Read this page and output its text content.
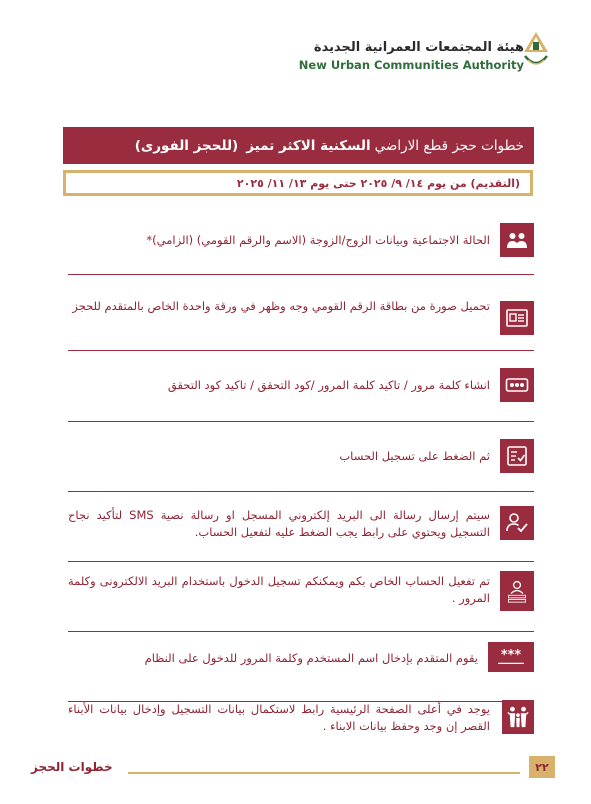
هيئة المجتمعات العمرانية الجديدة
New Urban Communities Authority
خطوات حجز قطع الاراضي
السكنية الاكثر تميز
(للحجز الفورى)
(التقديم) من يوم ١٤/ ٩/ ٢٠٢٥ حتى يوم ١٣/ ١١/ ٢٠٢٥
الحالة الاجتماعية وبيانات الزوج/الزوجة (الاسم والرقم القومي) (الزامي)*
تحميل صورة من بطاقة الرقم القومي وجه وظهر في ورقة واحدة الخاص بالمتقدم للحجز
انشاء كلمة مرور / تاكيد كلمة المرور /كود التحقق / تاكيد كود التحقق
ثم الضغط على تسجيل الحساب
سيتم إرسال رسالة الى البريد إلكتروني المسجل او رسالة نصية SMS لتأكيد نجاح التسجيل ويحتوي على رابط يجب الضغط عليه لتفعيل الحساب.
تم تفعيل الحساب الخاص بكم ويمكنكم تسجيل الدخول باستخدام البريد الالكترونى وكلمة المرور .
***
يقوم المتقدم بإدخال اسم المستخدم وكلمة المرور للدخول على النظام
يوجد في أعلى الصفحة الرئيسية رابط لاستكمال بيانات التسجيل وإدخال بيانات الأبناء القصر إن وجد وحفظ بيانات الابناء .
خطوات الحجز	٢٢
